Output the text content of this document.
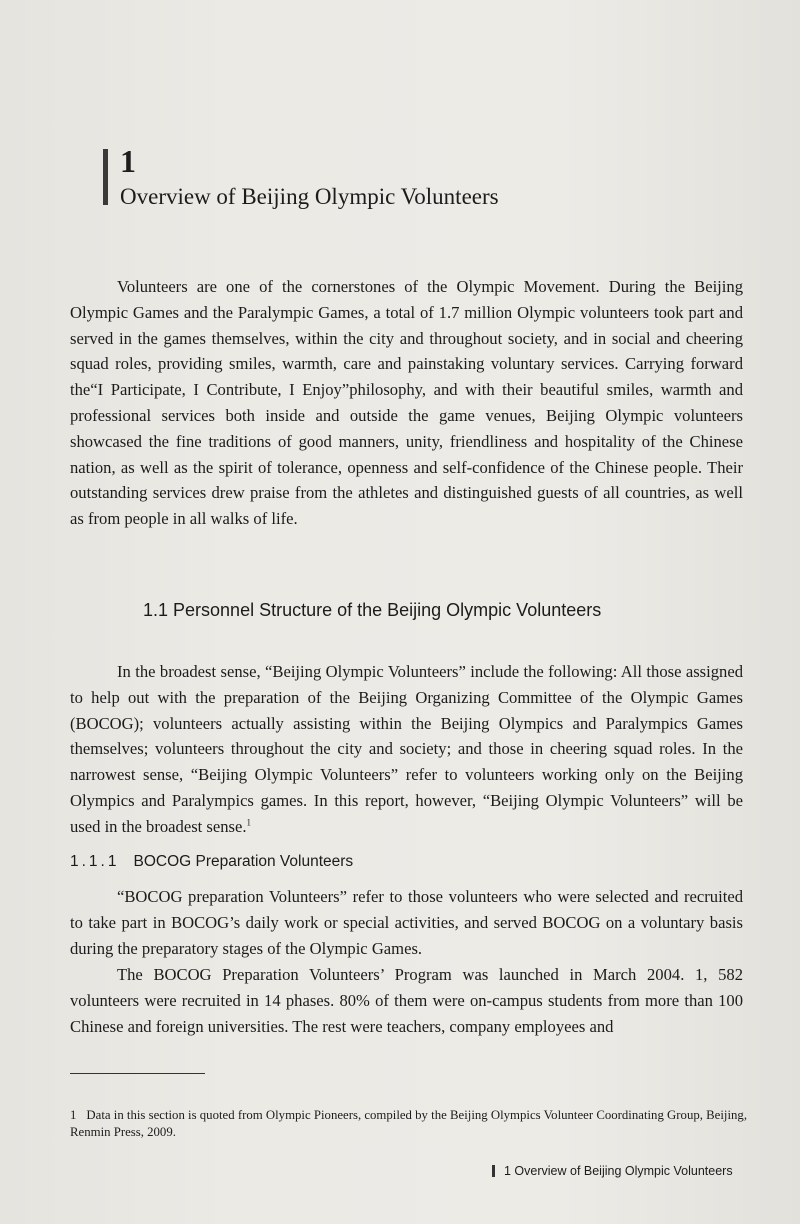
1
Overview of Beijing Olympic Volunteers

Volunteers are one of the cornerstones of the Olympic Movement. During the Beijing Olympic Games and the Paralympic Games, a total of 1.7 million Olympic volunteers took part and served in the games themselves, within the city and throughout society, and in social and cheering squad roles, providing smiles, warmth, care and painstaking voluntary services. Carrying forward the“I Participate, I Contribute, I Enjoy”philosophy, and with their beautiful smiles, warmth and professional services both inside and outside the game venues, Beijing Olympic volunteers showcased the fine traditions of good manners, unity, friendliness and hospitality of the Chinese nation, as well as the spirit of tolerance, openness and self-confidence of the Chinese people. Their outstanding services drew praise from the athletes and distinguished guests of all countries, as well as from people in all walks of life.

1.1 Personnel Structure of the Beijing Olympic Volunteers

In the broadest sense, “Beijing Olympic Volunteers” include the following: All those assigned to help out with the preparation of the Beijing Organizing Committee of the Olympic Games (BOCOG); volunteers actually assisting within the Beijing Olympics and Paralympics Games themselves; volunteers throughout the city and society; and those in cheering squad roles. In the narrowest sense, “Beijing Olympic Volunteers” refer to volunteers working only on the Beijing Olympics and Paralympics games. In this report, however, “Beijing Olympic Volunteers” will be used in the broadest sense.$^1$

1.1.1 BOCOG Preparation Volunteers

“BOCOG preparation Volunteers” refer to those volunteers who were selected and recruited to take part in BOCOG’s daily work or special activities, and served BOCOG on a voluntary basis during the preparatory stages of the Olympic Games.

The BOCOG Preparation Volunteers’ Program was launched in March 2004. 1, 582 volunteers were recruited in 14 phases. 80% of them were on-campus students from more than 100 Chinese and foreign universities. The rest were teachers, company employees and

1 Data in this section is quoted from Olympic Pioneers, compiled by the Beijing Olympics Volunteer Coordinating Group, Beijing, Renmin Press, 2009.

1 Overview of Beijing Olympic Volunteers
